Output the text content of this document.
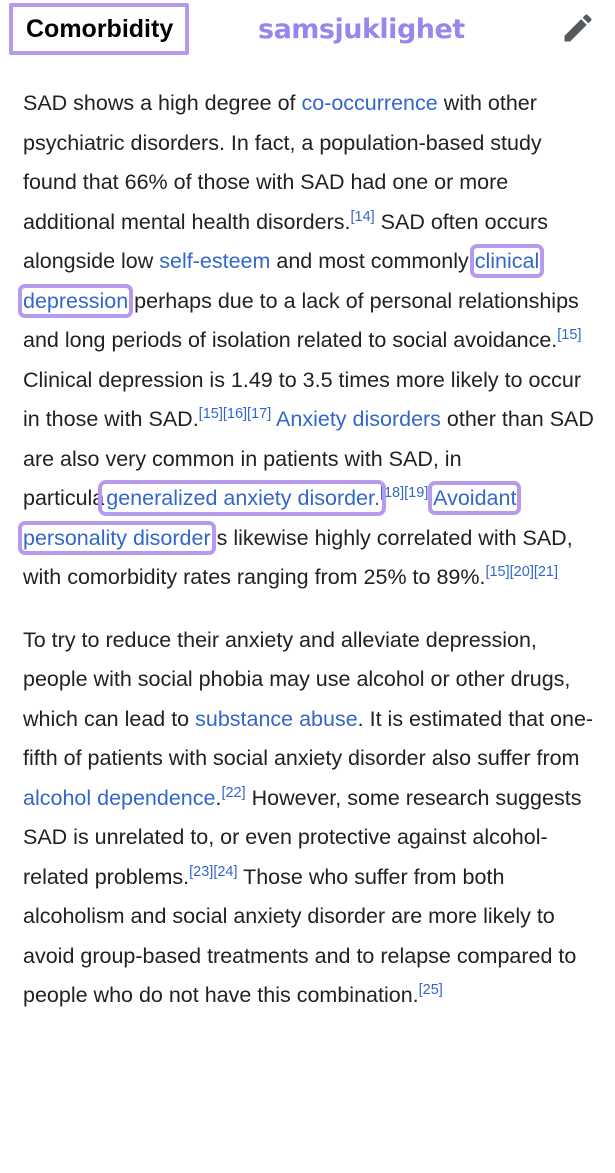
Comorbidity	samsjuklighet

SAD shows a high degree of co-occurrence with other psychiatric disorders. In fact, a population-based study found that 66% of those with SAD had one or more additional mental health disorders.[14] SAD often occurs alongside low self-esteem and most commonly clinical depression perhaps due to a lack of personal relationships and long periods of isolation related to social avoidance.[15] Clinical depression is 1.49 to 3.5 times more likely to occur in those with SAD.[15][16][17] Anxiety disorders other than SAD are also very common in patients with SAD, in particulageneralized anxiety disorder.[18][19] Avoidant personality disorder s likewise highly correlated with SAD, with comorbidity rates ranging from 25% to 89%.[15][20][21]

To try to reduce their anxiety and alleviate depression, people with social phobia may use alcohol or other drugs, which can lead to substance abuse. It is estimated that one-fifth of patients with social anxiety disorder also suffer from alcohol dependence.[22] However, some research suggests SAD is unrelated to, or even protective against alcohol-related problems.[23][24] Those who suffer from both alcoholism and social anxiety disorder are more likely to avoid group-based treatments and to relapse compared to people who do not have this combination.[25]
